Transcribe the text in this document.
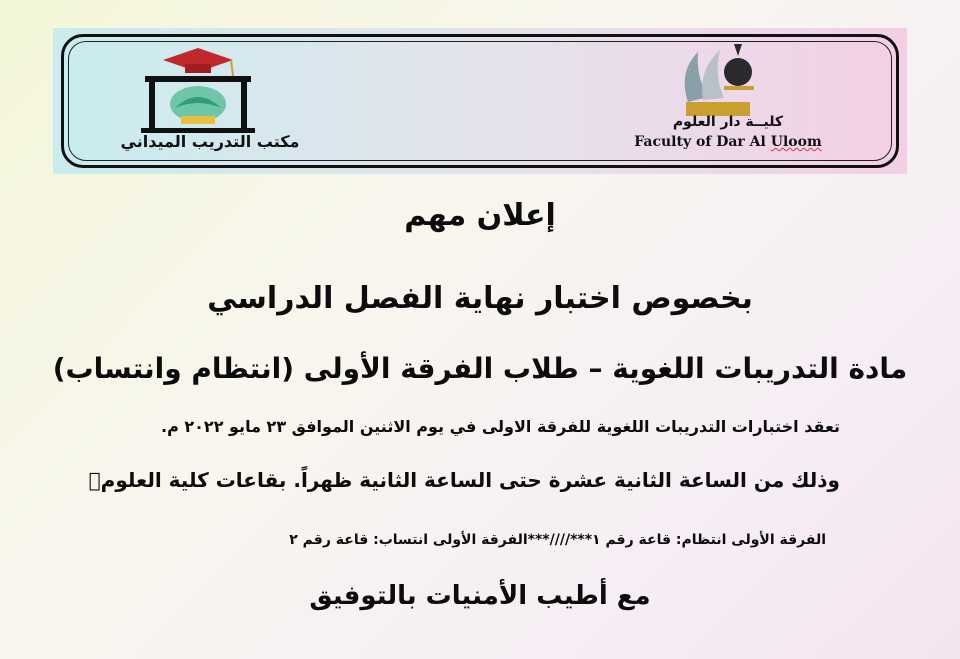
مكتب التدريب الميداني
كليــة دار العلوم
Faculty of Dar Al Uloom
إعلان مهم
بخصوص اختبار نهاية الفصل الدراسي
مادة التدريبات اللغوية – طلاب الفرقة الأولى (انتظام وانتساب)
تعقد اختبارات التدريبات اللغوية للفرقة الاولى في يوم الاثنين الموافق ٢٣ مايو ٢٠٢٢ م.
وذلك من الساعة الثانية عشرة حتى الساعة الثانية ظهراً. بقاعات كلية العلوم􏰀
الفرقة الأولى انتظام: قاعة رقم ١***////***الفرقة الأولى انتساب: قاعة رقم ٢
مع أطيب الأمنيات بالتوفيق
